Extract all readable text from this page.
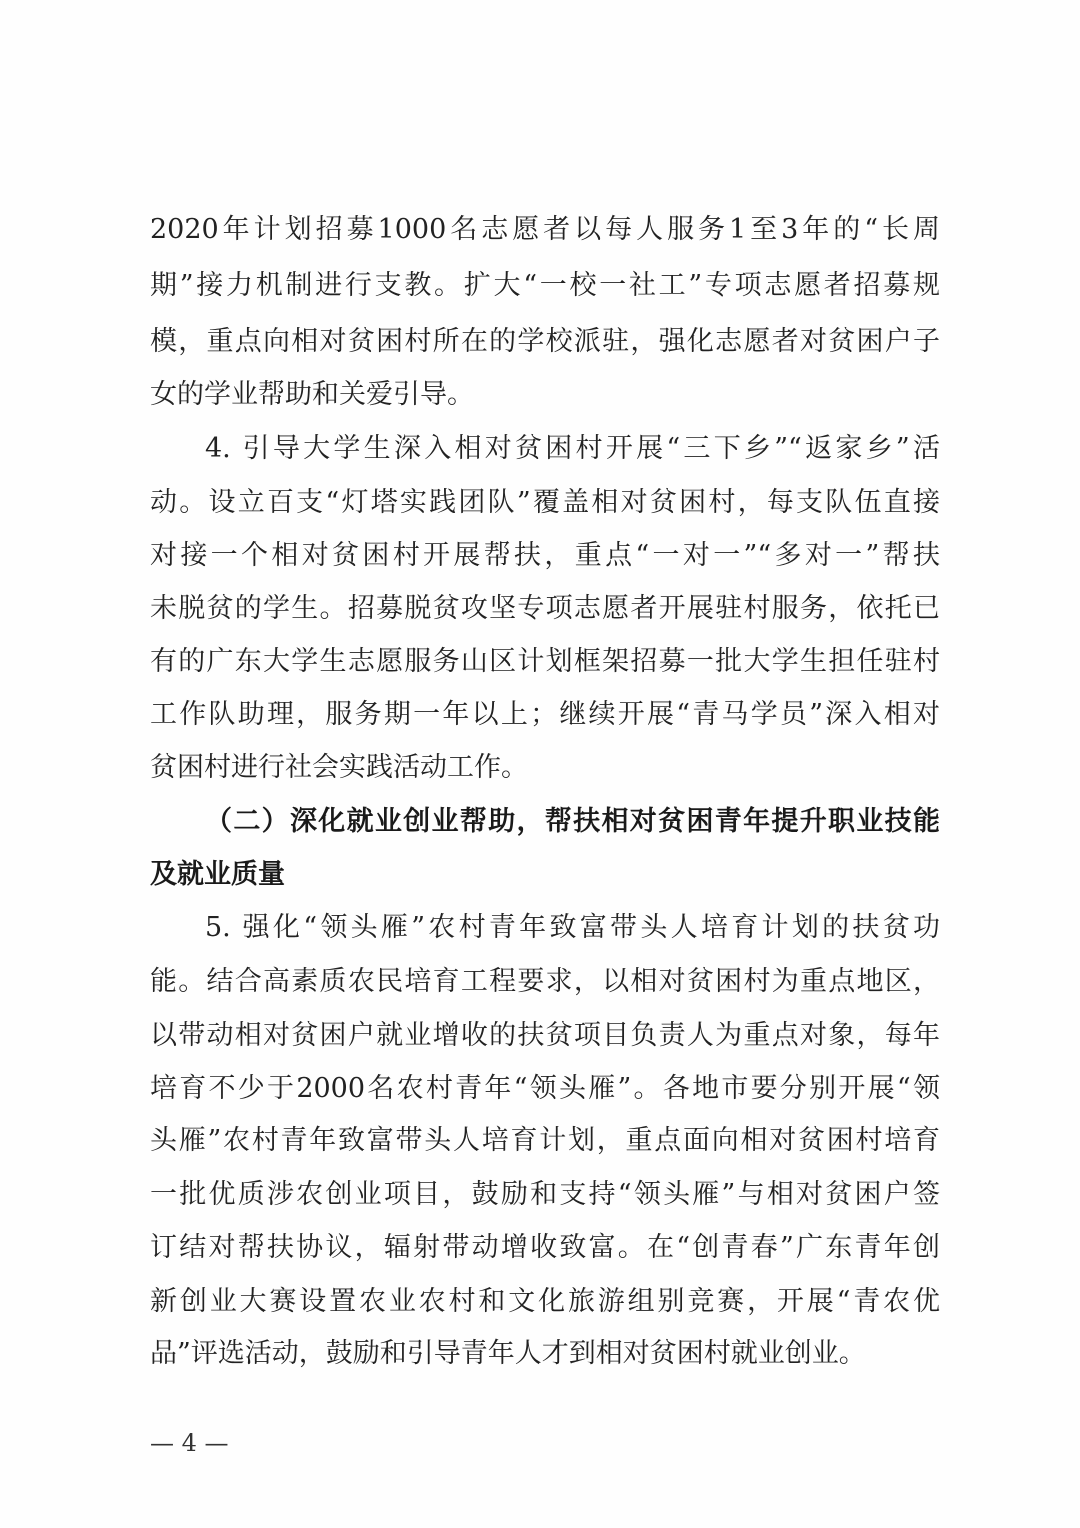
2020年计划招募1000名志愿者以每人服务1至3年的“长周
期”接力机制进行支教。扩大“一校一社工”专项志愿者招募规
模，重点向相对贫困村所在的学校派驻，强化志愿者对贫困户子
女的学业帮助和关爱引导。
4. 引导大学生深入相对贫困村开展“三下乡”“返家乡”活
动。设立百支“灯塔实践团队”覆盖相对贫困村，每支队伍直接
对接一个相对贫困村开展帮扶，重点“一对一”“多对一”帮扶
未脱贫的学生。招募脱贫攻坚专项志愿者开展驻村服务，依托已
有的广东大学生志愿服务山区计划框架招募一批大学生担任驻村
工作队助理，服务期一年以上；继续开展“青马学员”深入相对
贫困村进行社会实践活动工作。
（二）深化就业创业帮助，帮扶相对贫困青年提升职业技能
及就业质量
5. 强化“领头雁”农村青年致富带头人培育计划的扶贫功
能。结合高素质农民培育工程要求，以相对贫困村为重点地区，
以带动相对贫困户就业增收的扶贫项目负责人为重点对象，每年
培育不少于2000名农村青年“领头雁”。各地市要分别开展“领
头雁”农村青年致富带头人培育计划，重点面向相对贫困村培育
一批优质涉农创业项目，鼓励和支持“领头雁”与相对贫困户签
订结对帮扶协议，辐射带动增收致富。在“创青春”广东青年创
新创业大赛设置农业农村和文化旅游组别竞赛，开展“青农优
品”评选活动，鼓励和引导青年人才到相对贫困村就业创业。
— 4 —
